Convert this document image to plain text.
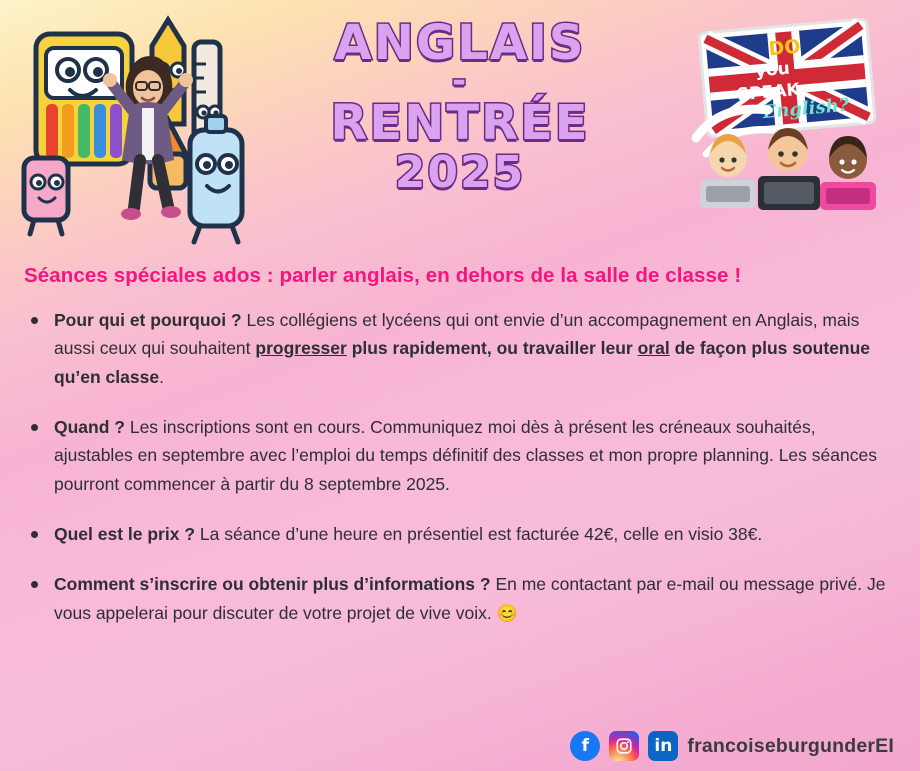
ANGLAIS
-
RENTRÉE
2025
DO
you
SPEAK
English?
Séances spéciales ados : parler anglais, en dehors de la salle de classe !
Pour qui et pourquoi ? Les collégiens et lycéens qui ont envie d’un accompagnement en Anglais, mais aussi ceux qui souhaitent progresser plus rapidement, ou travailler leur oral de façon plus soutenue qu’en classe.
Quand ? Les inscriptions sont en cours. Communiquez moi dès à présent les créneaux souhaités, ajustables en septembre avec l’emploi du temps définitif des classes et mon propre planning. Les séances pourront commencer à partir du 8 septembre 2025.
Quel est le prix ? La séance d’une heure en présentiel est facturée 42€, celle en visio 38€.
Comment s’inscrire ou obtenir plus d’informations ? En me contactant par e-mail ou message privé. Je vous appelerai pour discuter de votre projet de vive voix. 😊
f	in francoiseburgunderEI
